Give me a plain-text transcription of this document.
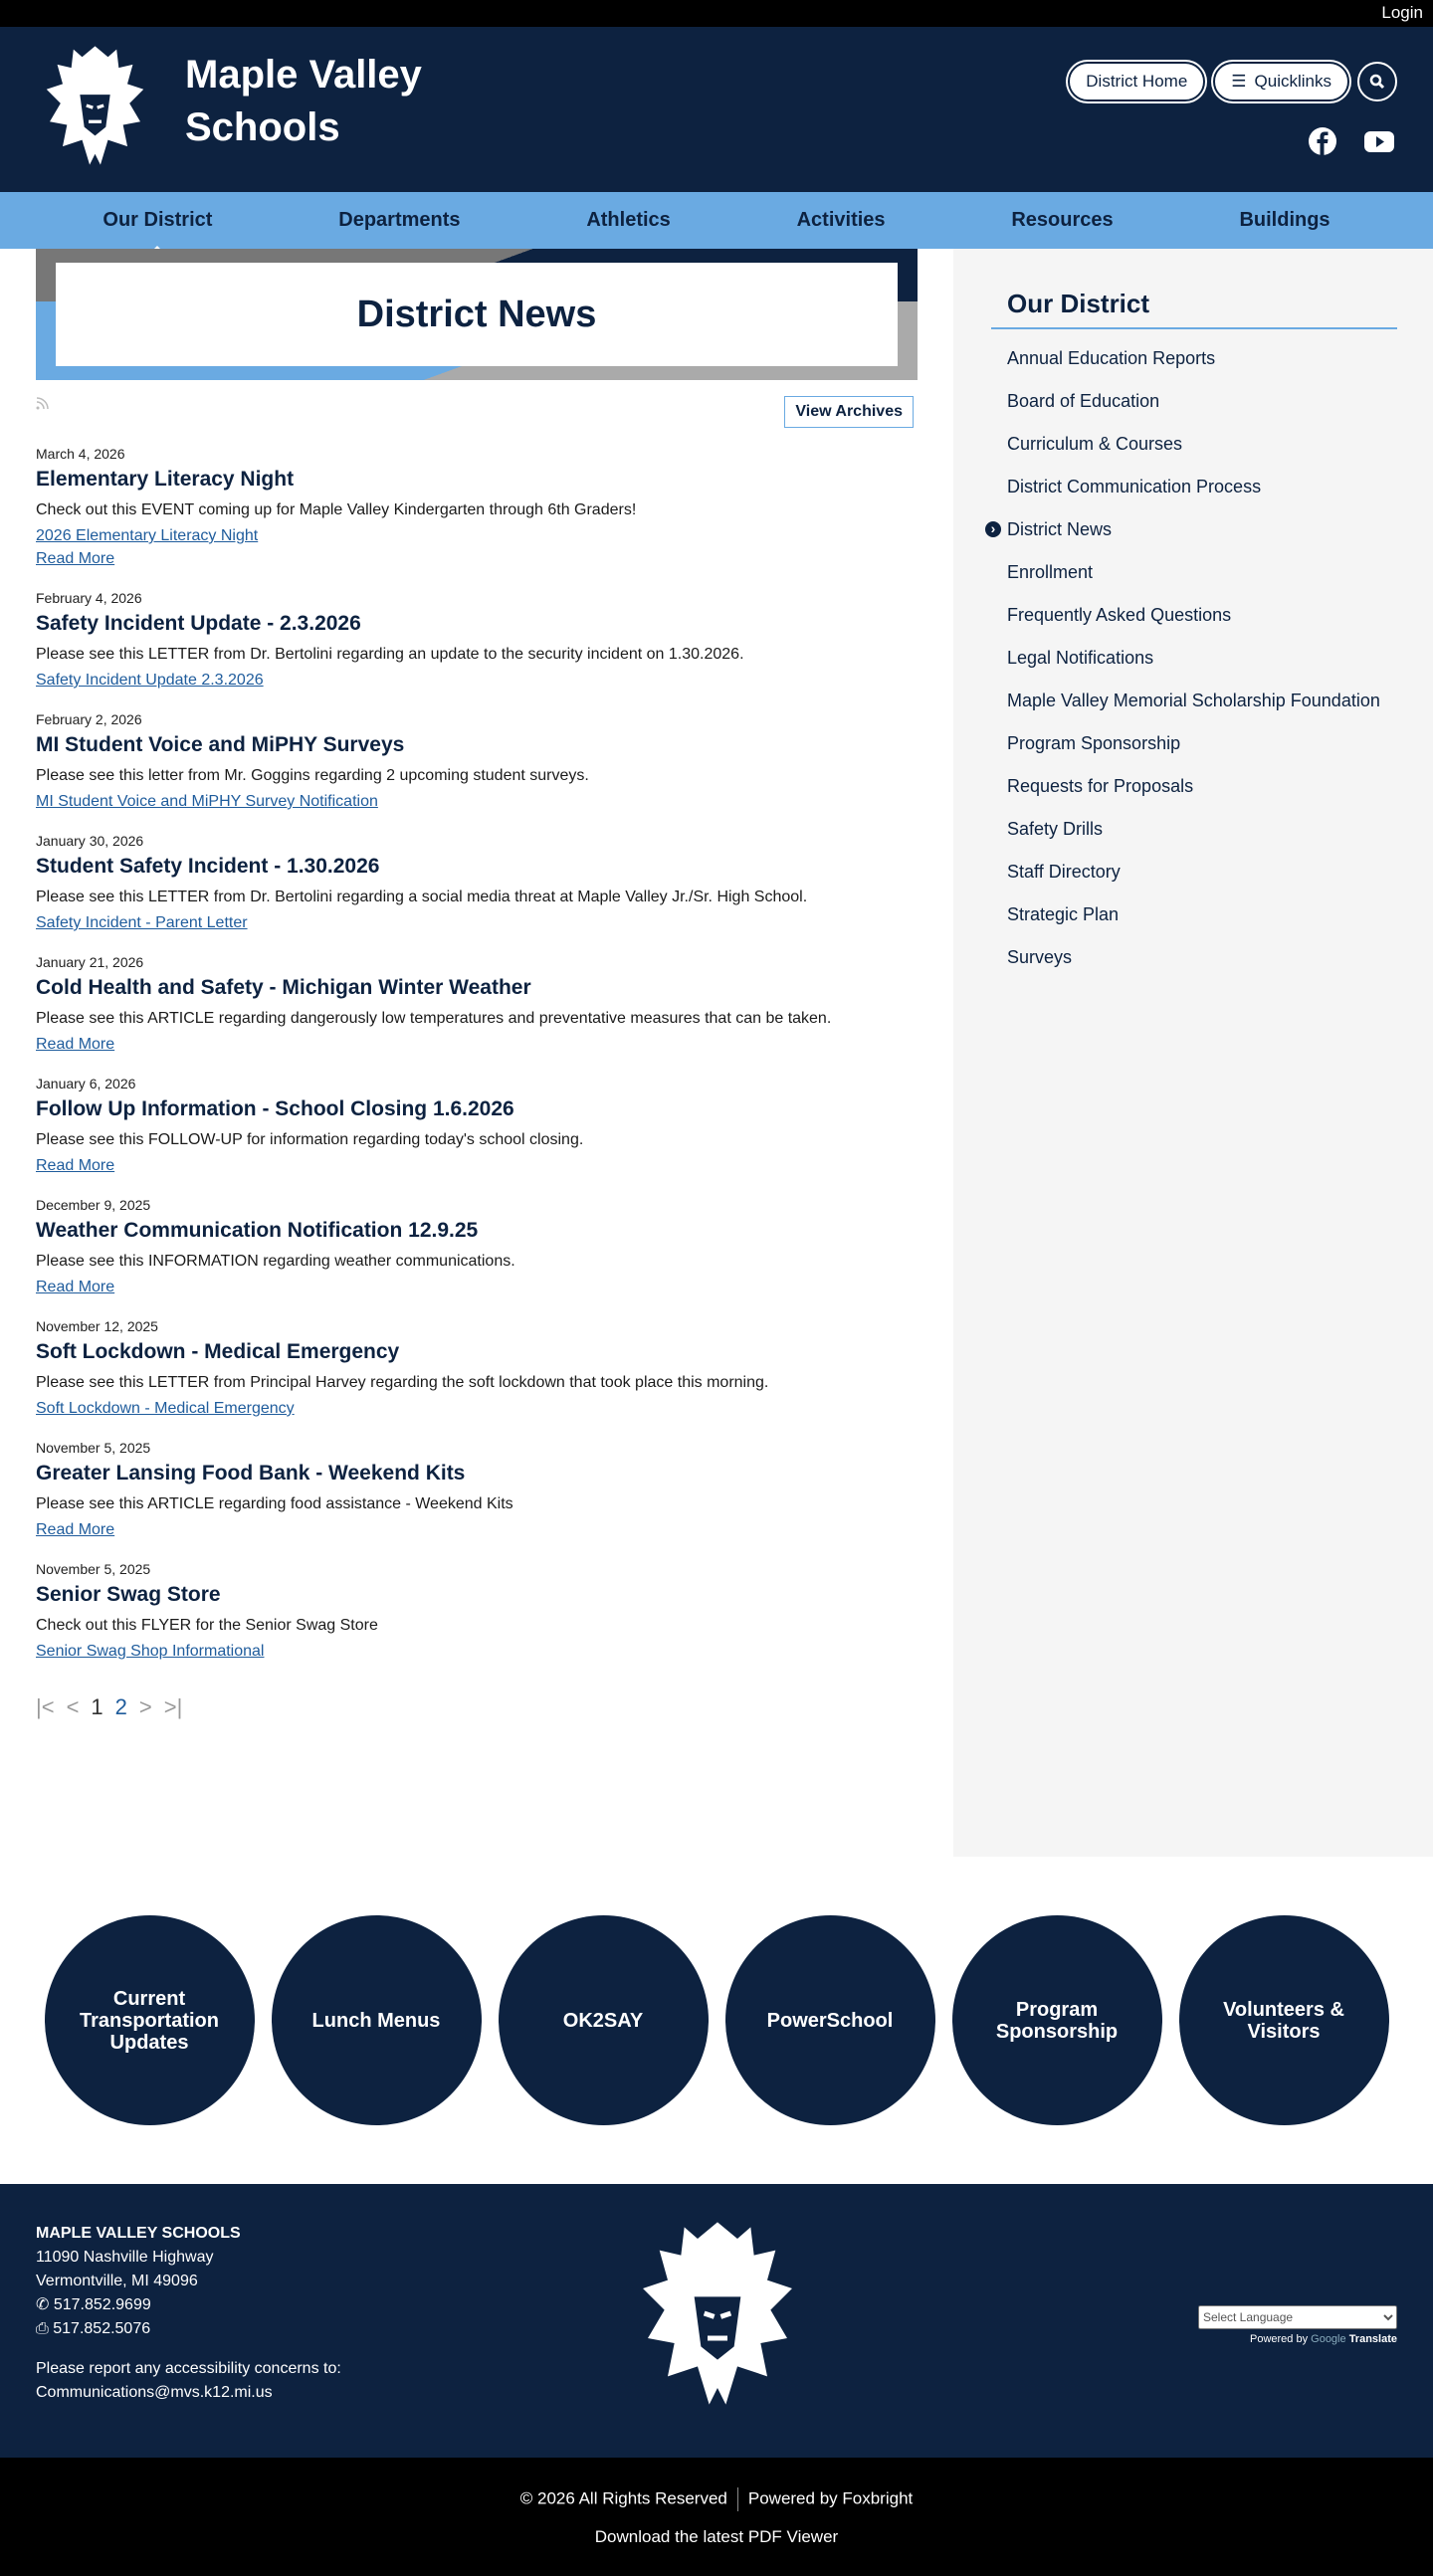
Login
Maple Valley
Schools
District Home	☰ Quicklinks
Our District	Departments	Athletics	Activities	Resources	Buildings
District News
View Archives
March 4, 2026
Elementary Literacy Night
Check out this EVENT coming up for Maple Valley Kindergarten through 6th Graders!
2026 Elementary Literacy Night
Read More
February 4, 2026
Safety Incident Update - 2.3.2026
Please see this LETTER from Dr. Bertolini regarding an update to the security incident on 1.30.2026.
Safety Incident Update 2.3.2026
February 2, 2026
MI Student Voice and MiPHY Surveys
Please see this letter from Mr. Goggins regarding 2 upcoming student surveys.
MI Student Voice and MiPHY Survey Notification
January 30, 2026
Student Safety Incident - 1.30.2026
Please see this LETTER from Dr. Bertolini regarding a social media threat at Maple Valley Jr./Sr. High School.
Safety Incident - Parent Letter
January 21, 2026
Cold Health and Safety - Michigan Winter Weather
Please see this ARTICLE regarding dangerously low temperatures and preventative measures that can be taken.
Read More
January 6, 2026
Follow Up Information - School Closing 1.6.2026
Please see this FOLLOW-UP for information regarding today's school closing.
Read More
December 9, 2025
Weather Communication Notification 12.9.25
Please see this INFORMATION regarding weather communications.
Read More
November 12, 2025
Soft Lockdown - Medical Emergency
Please see this LETTER from Principal Harvey regarding the soft lockdown that took place this morning.
Soft Lockdown - Medical Emergency
November 5, 2025
Greater Lansing Food Bank - Weekend Kits
Please see this ARTICLE regarding food assistance - Weekend Kits
Read More
November 5, 2025
Senior Swag Store
Check out this FLYER for the Senior Swag Store
Senior Swag Shop Informational
|< < 1 2 > >|
Our District
Annual Education Reports
Board of Education
Curriculum & Courses
District Communication Process
› District News
Enrollment
Frequently Asked Questions
Legal Notifications
Maple Valley Memorial Scholarship Foundation
Program Sponsorship
Requests for Proposals
Safety Drills
Staff Directory
Strategic Plan
Surveys
Current Transportation Updates
Lunch Menus	OK2SAY	PowerSchool	Program Sponsorship
Volunteers & Visitors
MAPLE VALLEY SCHOOLS
11090 Nashville Highway
Vermontville, MI 49096
✆ 517.852.9699
⎙ 517.852.5076
Please report any accessibility concerns to:
Communications@mvs.k12.mi.us
Select Language
Powered by Google Translate
© 2026 All Rights Reserved Powered by Foxbright
Download the latest PDF Viewer
